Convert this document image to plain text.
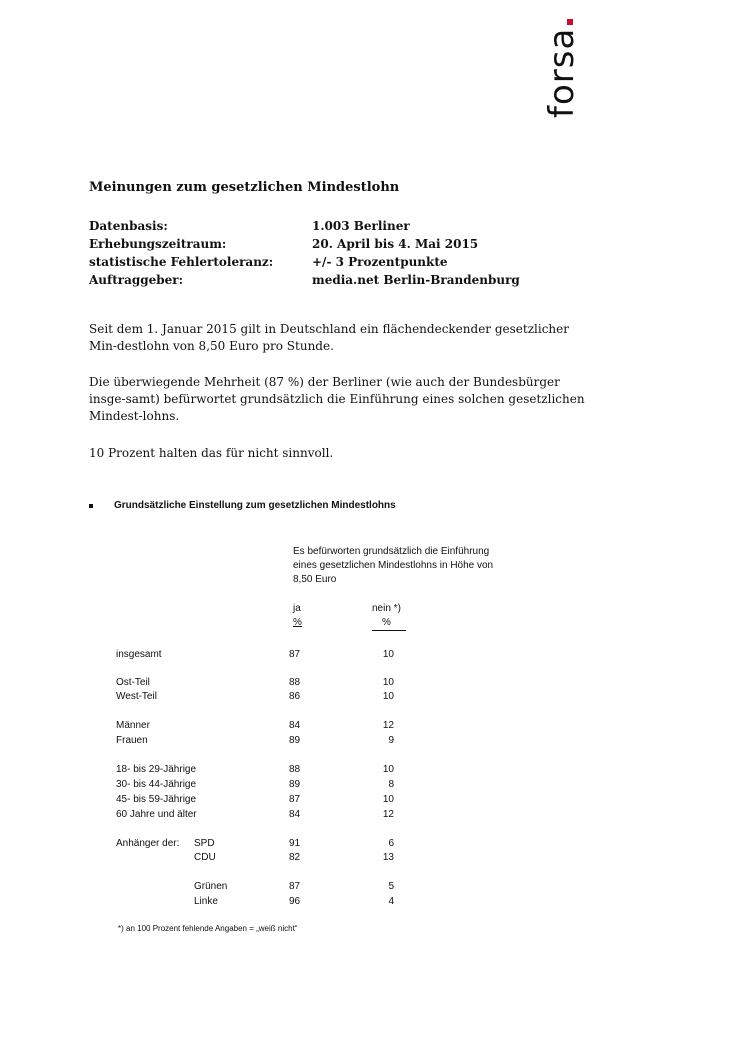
forsa
Meinungen zum gesetzlichen Mindestlohn
Datenbasis:	1.003 Berliner
Erhebungszeitraum:	20. April bis 4. Mai 2015
statistische Fehlertoleranz:	+/- 3 Prozentpunkte
Auftraggeber:	media.net Berlin-Brandenburg
Seit dem 1. Januar 2015 gilt in Deutschland ein flächendeckender gesetzlicher Min-destlohn von 8,50 Euro pro Stunde.
Die überwiegende Mehrheit (87 %) der Berliner (wie auch der Bundesbürger insge-samt) befürwortet grundsätzlich die Einführung eines solchen gesetzlichen Mindest-lohns.
10 Prozent halten das für nicht sinnvoll.
Grundsätzliche Einstellung zum gesetzlichen Mindestlohns
Es befürworten grundsätzlich die Einführung eines gesetzlichen Mindestlohns in Höhe von 8,50 Euro
ja
%
nein *)
%
insgesamt	87	10
Ost-Teil	88	10
West-Teil	86	10
Männer	84	12
Frauen	89	9
18- bis 29-Jährige	88	10
30- bis 44-Jährige	89	8
45- bis 59-Jährige	87	10
60 Jahre und älter	84	12
Anhänger der: SPD	91	6
CDU	82	13
Grünen	87	5
Linke	96	4
*) an 100 Prozent fehlende Angaben = „weiß nicht“
